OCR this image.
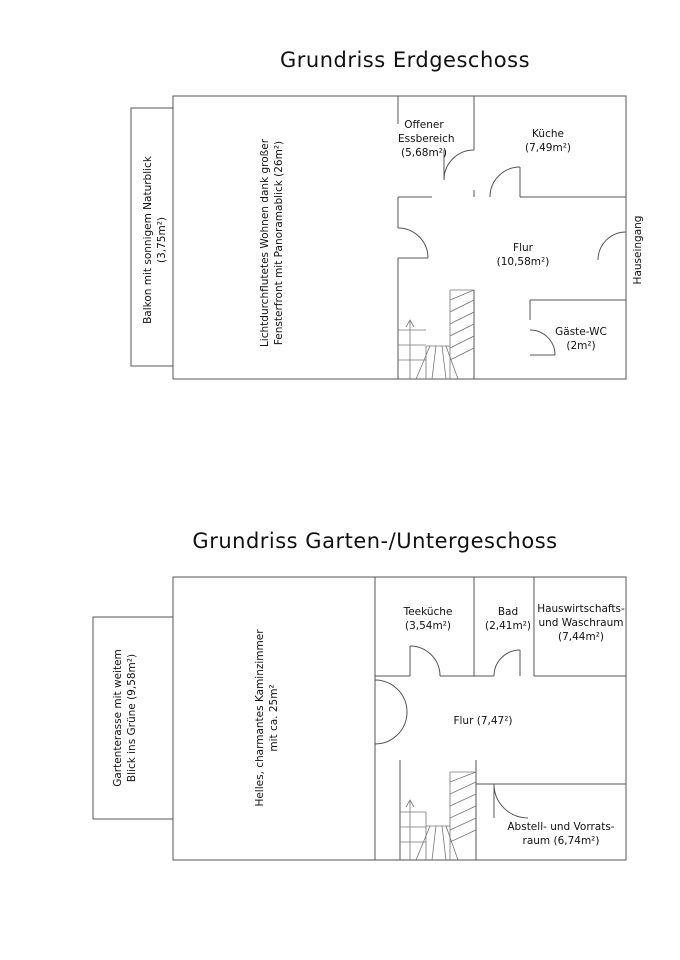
Grundriss Erdgeschoss
Grundriss Garten-/Untergeschoss
Balkon mit sonnigem Naturblick (3,75m²)	Lichtdurchflutetes Wohnen dank großer Fensterfront mit Panoramablick (26m²)
Offener
Essbereich
(5,68m²)
Küche
(7,49m²)
Flur
(10,58m²)
Gäste-WC
(2m²)
Hauseingang
Gartenterasse mit weitem Blick ins Grüne (9,58m²)	Helles, charmantes Kaminzimmer mit ca. 25m²
Teeküche
(3,54m²)
Bad
(2,41m²)
Hauswirtschafts-
und Waschraum
(7,44m²)
Flur (7,47²)
Abstell- und Vorrats-
raum (6,74m²)
